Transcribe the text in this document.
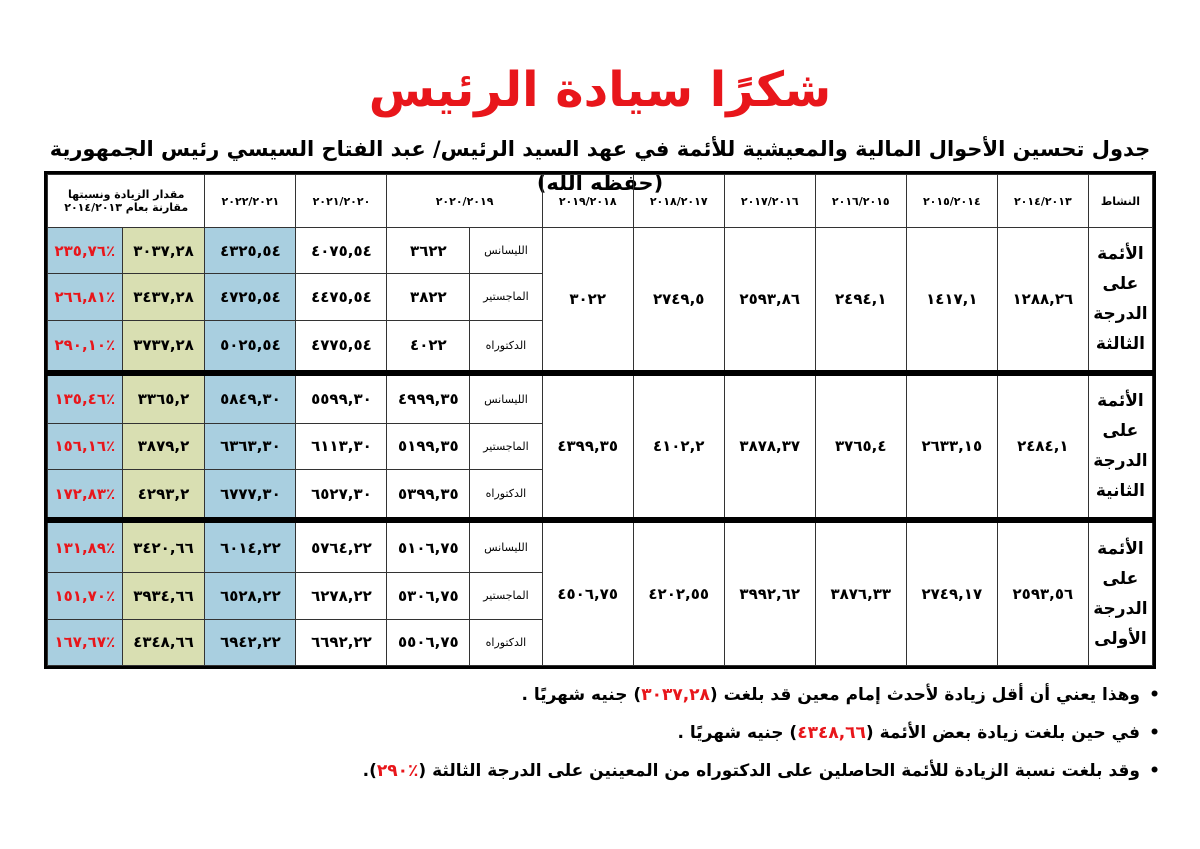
شكرًا سيادة الرئيس
جدول تحسين الأحوال المالية والمعيشية للأئمة في عهد السيد الرئيس/ عبد الفتاح السيسي رئيس الجمهورية (حفظه الله)
النشاط	٢٠١٤/٢٠١٣	٢٠١٥/٢٠١٤	٢٠١٦/٢٠١٥	٢٠١٧/٢٠١٦	٢٠١٨/٢٠١٧	٢٠١٩/٢٠١٨	٢٠٢٠/٢٠١٩		٢٠٢١/٢٠٢٠	٢٠٢٢/٢٠٢١	مقدار الزيادة ونسبتها
مقارنة بعام ٢٠١٤/٢٠١٣	

الأئمة
على
الدرجة
الثالثة	١٢٨٨,٢٦	١٤١٧,١	٢٤٩٤,١	٢٥٩٣,٨٦	٢٧٤٩,٥	٣٠٢٢	الليسانس	٣٦٢٢	٤٠٧٥,٥٤	٤٣٢٥,٥٤	٣٠٣٧,٢٨	٪٢٣٥,٧٦
							الماجستير	٣٨٢٢	٤٤٧٥,٥٤	٤٧٢٥,٥٤	٣٤٣٧,٢٨	٪٢٦٦,٨١
							الدكتوراه	٤٠٢٢	٤٧٧٥,٥٤	٥٠٢٥,٥٤	٣٧٣٧,٢٨	٪٢٩٠,١٠

الأئمة
على
الدرجة
الثانية	٢٤٨٤,١	٢٦٣٣,١٥	٣٧٦٥,٤	٣٨٧٨,٣٧	٤١٠٢,٢	٤٣٩٩,٣٥	الليسانس	٤٩٩٩,٣٥	٥٥٩٩,٣٠	٥٨٤٩,٣٠	٣٣٦٥,٢	٪١٣٥,٤٦
							الماجستير	٥١٩٩,٣٥	٦١١٣,٣٠	٦٣٦٣,٣٠	٣٨٧٩,٢	٪١٥٦,١٦
							الدكتوراه	٥٣٩٩,٣٥	٦٥٢٧,٣٠	٦٧٧٧,٣٠	٤٢٩٣,٢	٪١٧٢,٨٣

الأئمة
على
الدرجة
الأولى	٢٥٩٣,٥٦	٢٧٤٩,١٧	٣٨٧٦,٣٣	٣٩٩٢,٦٢	٤٢٠٢,٥٥	٤٥٠٦,٧٥	الليسانس	٥١٠٦,٧٥	٥٧٦٤,٢٢	٦٠١٤,٢٢	٣٤٢٠,٦٦	٪١٣١,٨٩
							الماجستير	٥٣٠٦,٧٥	٦٢٧٨,٢٢	٦٥٢٨,٢٢	٣٩٣٤,٦٦	٪١٥١,٧٠
							الدكتوراه	٥٥٠٦,٧٥	٦٦٩٢,٢٢	٦٩٤٢,٢٢	٤٣٤٨,٦٦	٪١٦٧,٦٧
•
وهذا يعني أن أقل زيادة لأحدث إمام معين قد بلغت (٣٠٣٧,٢٨) جنيه شهريًا .
•
في حين بلغت زيادة بعض الأئمة (٤٣٤٨,٦٦) جنيه شهريًا .
•
وقد بلغت نسبة الزيادة للأئمة الحاصلين على الدكتوراه من المعينين على الدرجة الثالثة (٪٢٩٠).
